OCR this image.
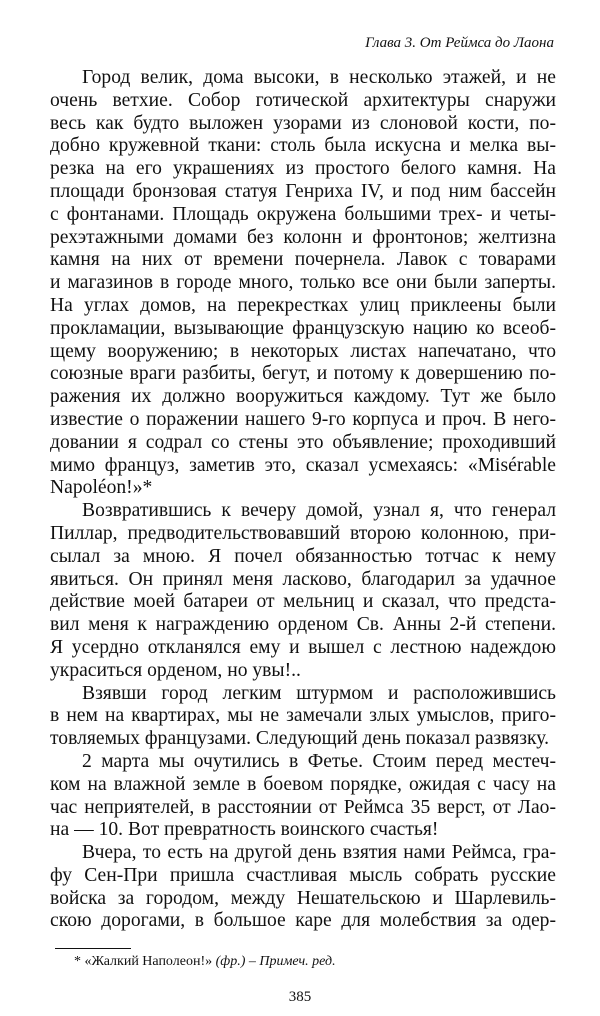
Глава 3. От Реймса до Лаона
Город велик, дома высоки, в несколько этажей, и не
очень ветхие. Собор готической архитектуры снаружи
весь как будто выложен узорами из слоновой кости, по-
добно кружевной ткани: столь была искусна и мелка вы-
резка на его украшениях из простого белого камня. На
площади бронзовая статуя Генриха IV, и под ним бассейн
с фонтанами. Площадь окружена большими трех- и четы-
рехэтажными домами без колонн и фронтонов; желтизна
камня на них от времени почернела. Лавок с товарами
и магазинов в городе много, только все они были заперты.
На углах домов, на перекрестках улиц приклеены были
прокламации, вызывающие французскую нацию ко всеоб-
щему вооружению; в некоторых листах напечатано, что
союзные враги разбиты, бегут, и потому к довершению по-
ражения их должно вооружиться каждому. Тут же было
известие о поражении нашего 9-го корпуса и проч. В него-
довании я содрал со стены это объявление; проходивший
мимо француз, заметив это, сказал усмехаясь: «Misérable
Napoléon!»*
Возвратившись к вечеру домой, узнал я, что генерал
Пиллар, предводительствовавший второю колонною, при-
сылал за мною. Я почел обязанностью тотчас к нему
явиться. Он принял меня ласково, благодарил за удачное
действие моей батареи от мельниц и сказал, что предста-
вил меня к награждению орденом Св. Анны 2-й степени.
Я усердно откланялся ему и вышел с лестною надеждою
украситься орденом, но увы!..
Взявши город легким штурмом и расположившись
в нем на квартирах, мы не замечали злых умыслов, приго-
товляемых французами. Следующий день показал развязку.
2 марта мы очутились в Фетье. Стоим перед местеч-
ком на влажной земле в боевом порядке, ожидая с часу на
час неприятелей, в расстоянии от Реймса 35 верст, от Лао-
на — 10. Вот превратность воинского счастья!
Вчера, то есть на другой день взятия нами Реймса, гра-
фу Сен-При пришла счастливая мысль собрать русские
войска за городом, между Нешательскою и Шарлевиль-
скою дорогами, в большое каре для молебствия за одер-
* «Жалкий Наполеон!» (фр.) – Примеч. ред.
385
